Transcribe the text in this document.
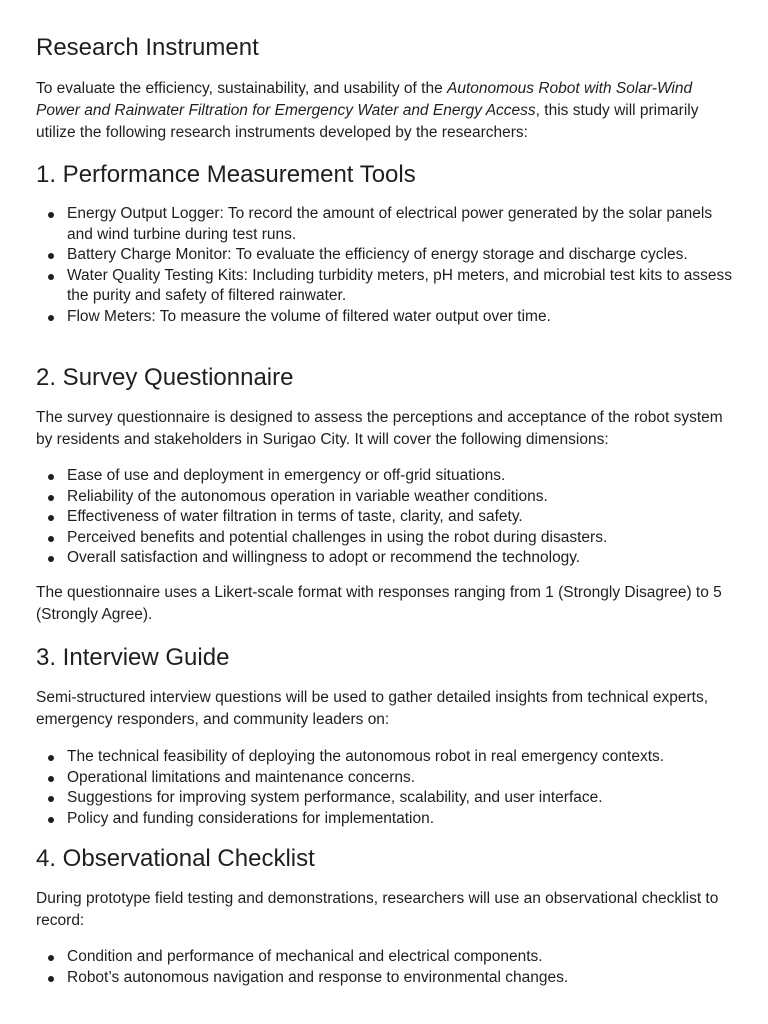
Research Instrument

To evaluate the efficiency, sustainability, and usability of the Autonomous Robot with Solar-Wind Power and Rainwater Filtration for Emergency Water and Energy Access, this study will primarily utilize the following research instruments developed by the researchers:

1. Performance Measurement Tools
Energy Output Logger: To record the amount of electrical power generated by the solar panels and wind turbine during test runs.
Battery Charge Monitor: To evaluate the efficiency of energy storage and discharge cycles.
Water Quality Testing Kits: Including turbidity meters, pH meters, and microbial test kits to assess the purity and safety of filtered rainwater.
Flow Meters: To measure the volume of filtered water output over time.
2. Survey Questionnaire

The survey questionnaire is designed to assess the perceptions and acceptance of the robot system by residents and stakeholders in Surigao City. It will cover the following dimensions:

Ease of use and deployment in emergency or off-grid situations.
Reliability of the autonomous operation in variable weather conditions.
Effectiveness of water filtration in terms of taste, clarity, and safety.
Perceived benefits and potential challenges in using the robot during disasters.
Overall satisfaction and willingness to adopt or recommend the technology.

The questionnaire uses a Likert-scale format with responses ranging from 1 (Strongly Disagree) to 5 (Strongly Agree).

3. Interview Guide

Semi-structured interview questions will be used to gather detailed insights from technical experts, emergency responders, and community leaders on:

The technical feasibility of deploying the autonomous robot in real emergency contexts.
Operational limitations and maintenance concerns.
Suggestions for improving system performance, scalability, and user interface.
Policy and funding considerations for implementation.
4. Observational Checklist

During prototype field testing and demonstrations, researchers will use an observational checklist to record:

Condition and performance of mechanical and electrical components.
Robot’s autonomous navigation and response to environmental changes.
